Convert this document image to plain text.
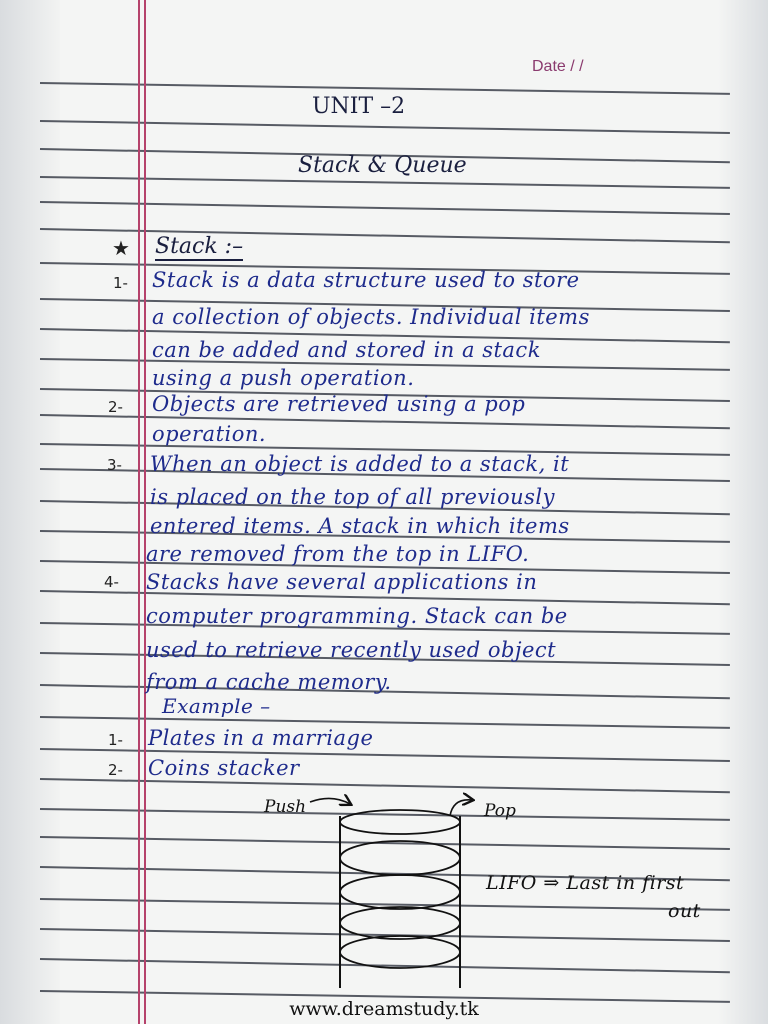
Date / /
UNIT –2
Stack & Queue
★ Stack :–
1- Stack is a data structure used to store
a collection of objects. Individual items
can be added and stored in a stack
using a push operation.
2- Objects are retrieved using a pop
operation.
3- When an object is added to a stack, it
is placed on the top of all previously
entered items. A stack in which items
are removed from the top in LIFO.
4- Stacks have several applications in
computer programming. Stack can be
used to retrieve recently used object
from a cache memory.
Example –
1- Plates in a marriage
2- Coins stacker
Push	Pop
LIFO ⇒ Last in first
out
www.dreamstudy.tk
